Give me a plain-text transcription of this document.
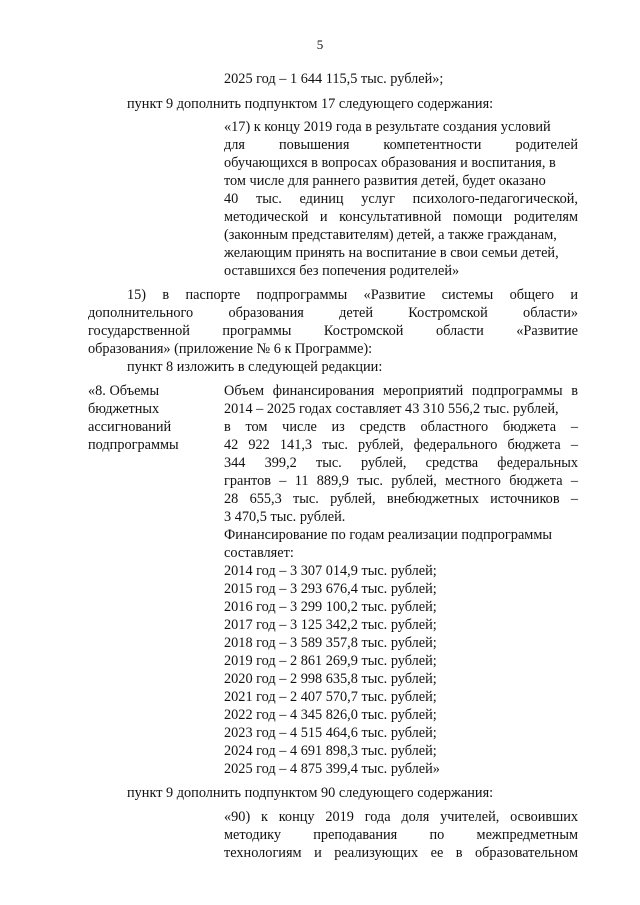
5
2025 год – 1 644 115,5 тыс. рублей»;
пункт 9 дополнить подпунктом 17 следующего содержания:
«17) к концу 2019 года в результате создания условий
для повышения компетентности родителей
обучающихся в вопросах образования и воспитания, в
том числе для раннего развития детей, будет оказано
40 тыс. единиц услуг психолого-педагогической,
методической и консультативной помощи родителям
(законным представителям) детей, а также гражданам,
желающим принять на воспитание в свои семьи детей,
оставшихся без попечения родителей»
15) в паспорте подпрограммы «Развитие системы общего и
дополнительного образования детей Костромской области»
государственной программы Костромской области «Развитие
образования» (приложение № 6 к Программе):
пункт 8 изложить в следующей редакции:
«8. Объемы
бюджетных
ассигнований
подпрограммы
Объем финансирования мероприятий подпрограммы в
2014 – 2025 годах составляет 43 310 556,2 тыс. рублей,
в том числе из средств областного бюджета –
42 922 141,3 тыс. рублей, федерального бюджета –
344 399,2 тыс. рублей, средства федеральных
грантов – 11 889,9 тыс. рублей, местного бюджета –
28 655,3 тыс. рублей, внебюджетных источников –
3 470,5 тыс. рублей.
Финансирование по годам реализации подпрограммы
составляет:
2014 год – 3 307 014,9 тыс. рублей;
2015 год – 3 293 676,4 тыс. рублей;
2016 год – 3 299 100,2 тыс. рублей;
2017 год – 3 125 342,2 тыс. рублей;
2018 год – 3 589 357,8 тыс. рублей;
2019 год – 2 861 269,9 тыс. рублей;
2020 год – 2 998 635,8 тыс. рублей;
2021 год – 2 407 570,7 тыс. рублей;
2022 год – 4 345 826,0 тыс. рублей;
2023 год – 4 515 464,6 тыс. рублей;
2024 год – 4 691 898,3 тыс. рублей;
2025 год – 4 875 399,4 тыс. рублей»
пункт 9 дополнить подпунктом 90 следующего содержания:
«90) к концу 2019 года доля учителей, освоивших
методику преподавания по межпредметным
технологиям и реализующих ее в образовательном
